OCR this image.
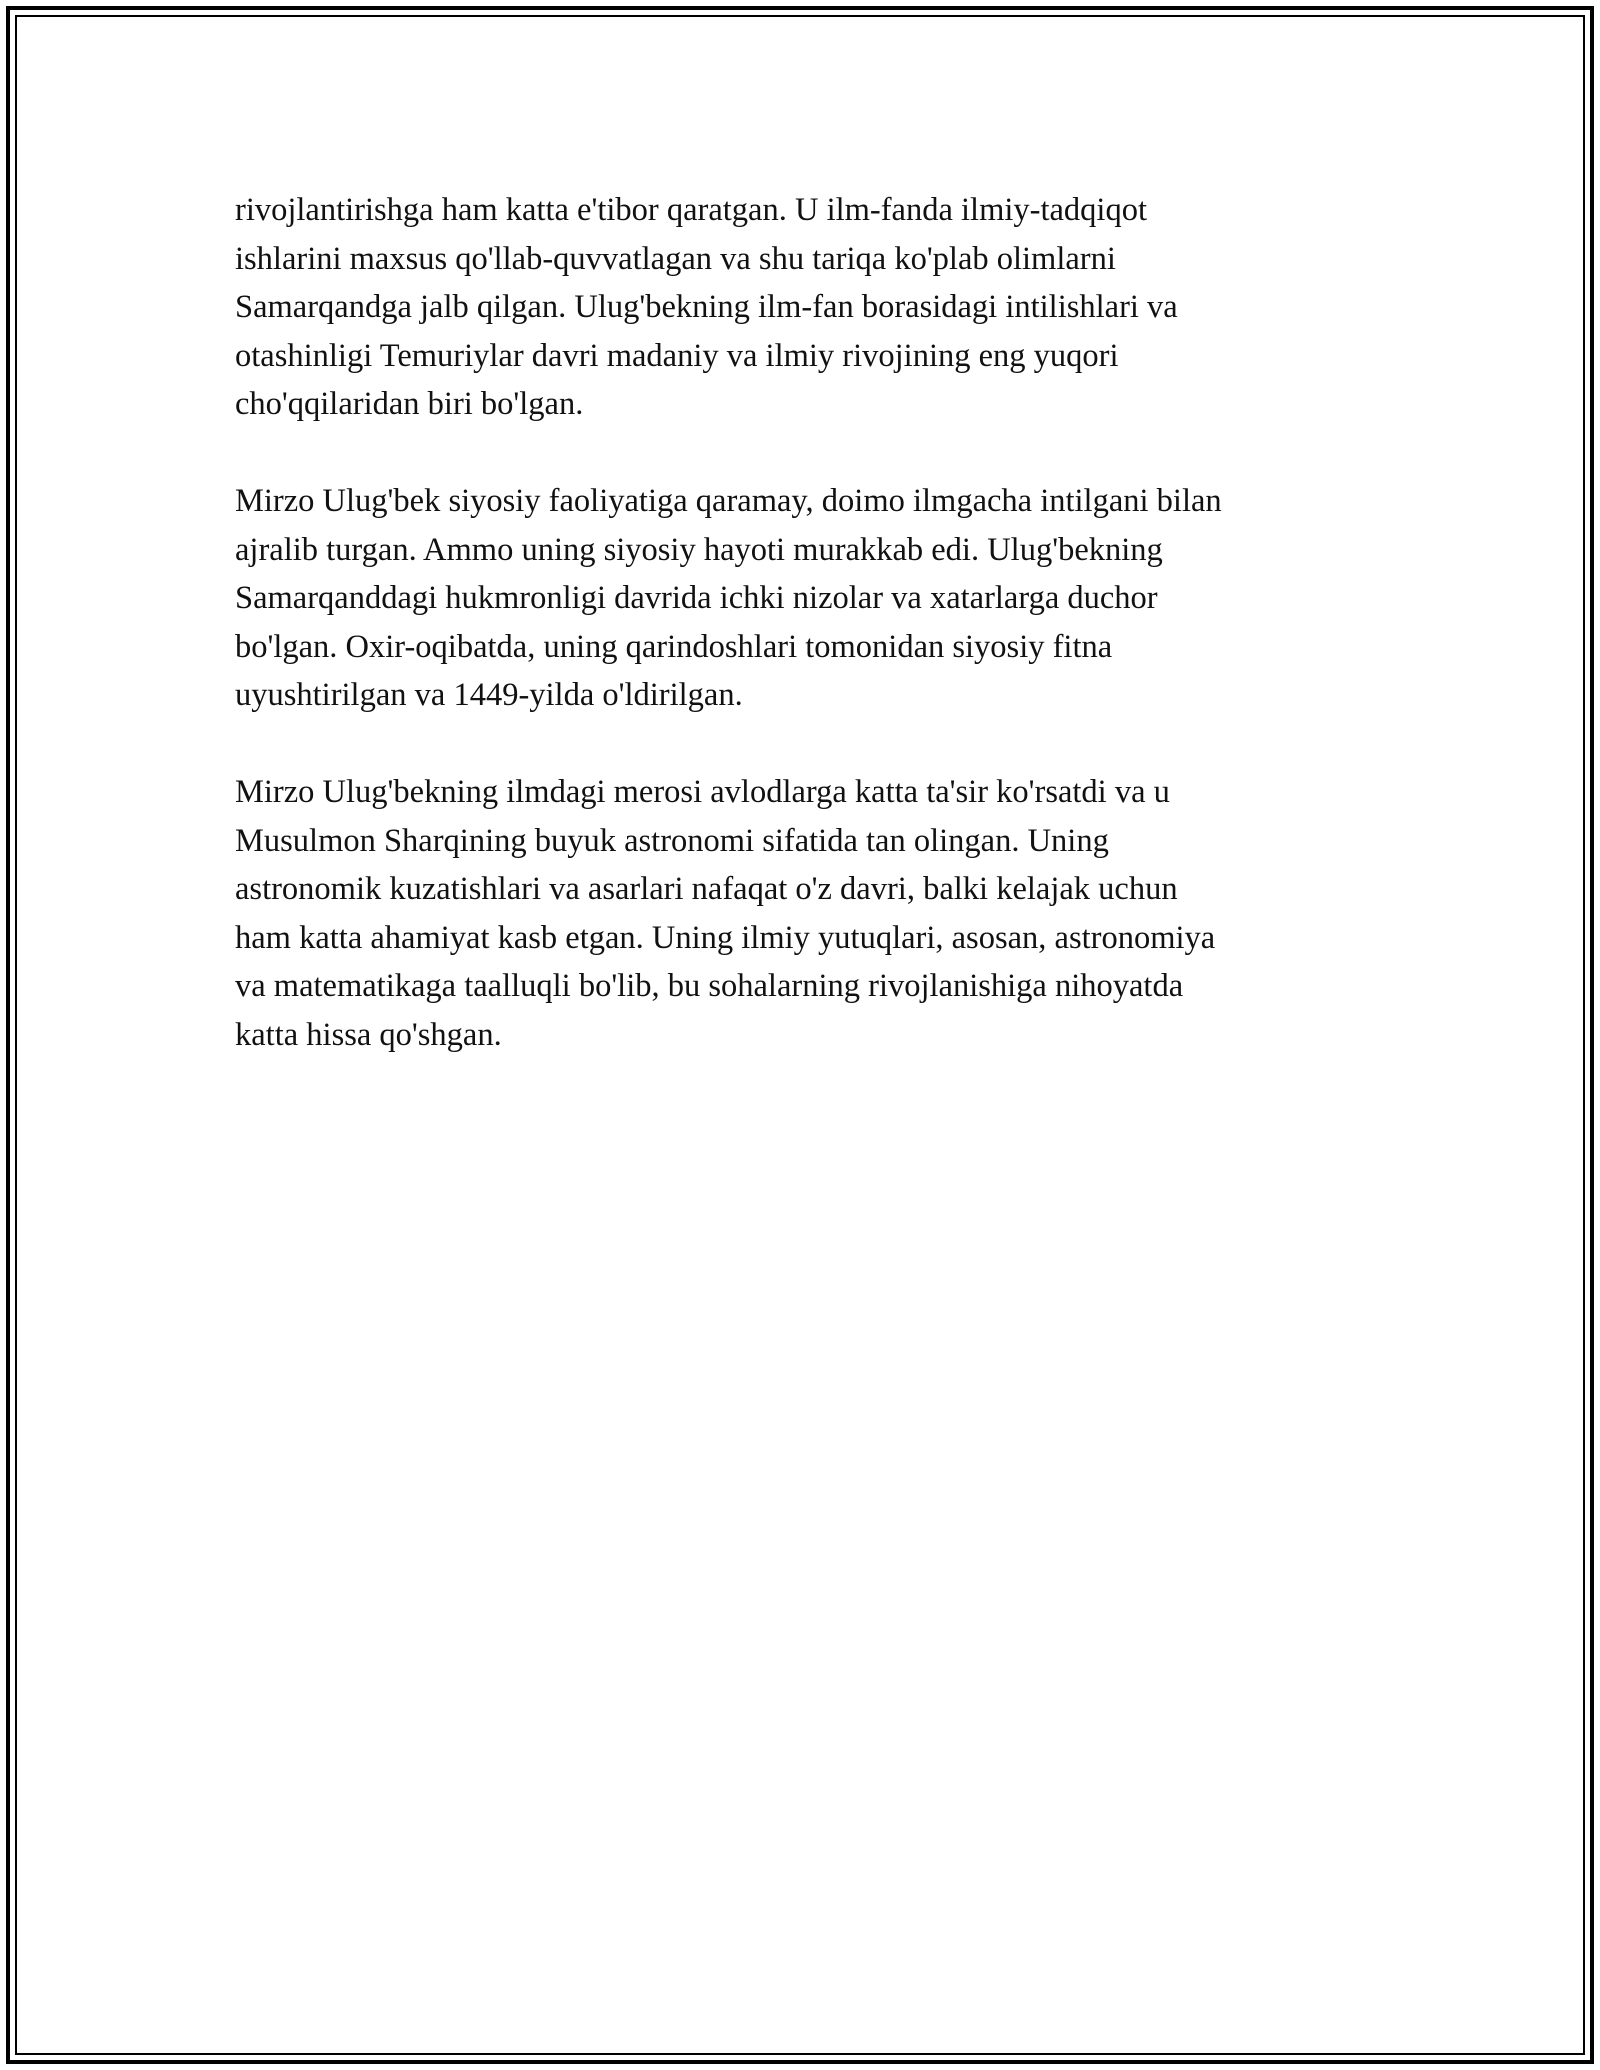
rivojlantirishga ham katta e'tibor qaratgan. U ilm-fanda ilmiy-tadqiqot
ishlarini maxsus qo'llab-quvvatlagan va shu tariqa ko'plab olimlarni
Samarqandga jalb qilgan. Ulug'bekning ilm-fan borasidagi intilishlari va
otashinligi Temuriylar davri madaniy va ilmiy rivojining eng yuqori
cho'qqilaridan biri bo'lgan.

Mirzo Ulug'bek siyosiy faoliyatiga qaramay, doimo ilmgacha intilgani bilan
ajralib turgan. Ammo uning siyosiy hayoti murakkab edi. Ulug'bekning
Samarqanddagi hukmronligi davrida ichki nizolar va xatarlarga duchor
bo'lgan. Oxir-oqibatda, uning qarindoshlari tomonidan siyosiy fitna
uyushtirilgan va 1449-yilda o'ldirilgan.

Mirzo Ulug'bekning ilmdagi merosi avlodlarga katta ta'sir ko'rsatdi va u
Musulmon Sharqining buyuk astronomi sifatida tan olingan. Uning
astronomik kuzatishlari va asarlari nafaqat o'z davri, balki kelajak uchun
ham katta ahamiyat kasb etgan. Uning ilmiy yutuqlari, asosan, astronomiya
va matematikaga taalluqli bo'lib, bu sohalarning rivojlanishiga nihoyatda
katta hissa qo'shgan.
